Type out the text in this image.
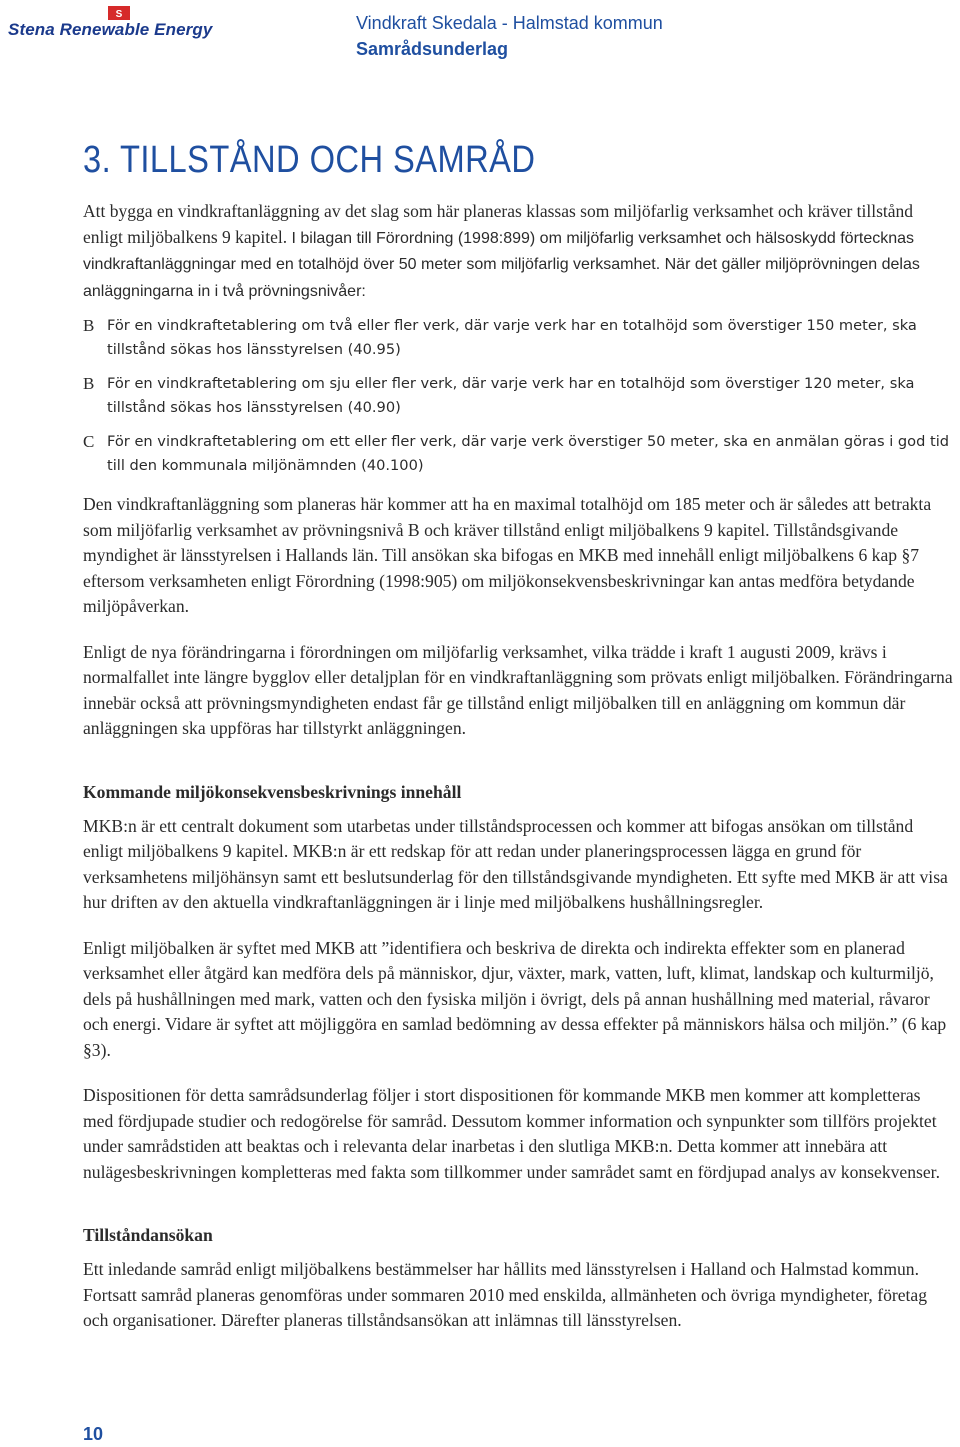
S
Stena Renewable Energy	Vindkraft Skedala - Halmstad kommun
Samrådsunderlag
3. TILLSTÅND OCH SAMRÅD

Att bygga en vindkraftanläggning av det slag som här planeras klassas som miljöfarlig verksamhet och kräver tillstånd enligt miljöbalkens 9 kapitel. I bilagan till Förordning (1998:899) om miljöfarlig verksamhet och hälsoskydd förtecknas vindkraftanläggningar med en totalhöjd över 50 meter som miljöfarlig verksamhet. När det gäller miljöprövningen delas anläggningarna in i två prövningsnivåer:

B För en vindkraftetablering om två eller fler verk, där varje verk har en totalhöjd som överstiger 150 meter, ska tillstånd sökas hos länsstyrelsen (40.95)
B För en vindkraftetablering om sju eller fler verk, där varje verk har en totalhöjd som överstiger 120 meter, ska tillstånd sökas hos länsstyrelsen (40.90)
C För en vindkraftetablering om ett eller fler verk, där varje verk överstiger 50 meter, ska en anmälan göras i god tid till den kommunala miljönämnden (40.100)

Den vindkraftanläggning som planeras här kommer att ha en maximal totalhöjd om 185 meter och är således att betrakta som miljöfarlig verksamhet av prövningsnivå B och kräver tillstånd enligt miljöbalkens 9 kapitel. Tillståndsgivande myndighet är länsstyrelsen i Hallands län. Till ansökan ska bifogas en MKB med innehåll enligt miljöbalkens 6 kap §7 eftersom verksamheten enligt Förordning (1998:905) om miljökonsekvensbeskrivningar kan antas medföra betydande miljöpåverkan.

Enligt de nya förändringarna i förordningen om miljöfarlig verksamhet, vilka trädde i kraft 1 augusti 2009, krävs i normalfallet inte längre bygglov eller detaljplan för en vindkraftanläggning som prövats enligt miljöbalken. Förändringarna innebär också att prövningsmyndigheten endast får ge tillstånd enligt miljöbalken till en anläggning om kommun där anläggningen ska uppföras har tillstyrkt anläggningen.

Kommande miljökonsekvensbeskrivnings innehåll

MKB:n är ett centralt dokument som utarbetas under tillståndsprocessen och kommer att bifogas ansökan om tillstånd enligt miljöbalkens 9 kapitel. MKB:n är ett redskap för att redan under planeringsprocessen lägga en grund för verksamhetens miljöhänsyn samt ett beslutsunderlag för den tillståndsgivande myndigheten. Ett syfte med MKB är att visa hur driften av den aktuella vindkraftanläggningen är i linje med miljöbalkens hushållningsregler.

Enligt miljöbalken är syftet med MKB att ”identifiera och beskriva de direkta och indirekta effekter som en planerad verksamhet eller åtgärd kan medföra dels på människor, djur, växter, mark, vatten, luft, klimat, landskap och kulturmiljö, dels på hushållningen med mark, vatten och den fysiska miljön i övrigt, dels på annan hushållning med material, råvaror och energi. Vidare är syftet att möjliggöra en samlad bedömning av dessa effekter på människors hälsa och miljön.” (6 kap §3).

Dispositionen för detta samrådsunderlag följer i stort dispositionen för kommande MKB men kommer att kompletteras med fördjupade studier och redogörelse för samråd. Dessutom kommer information och synpunkter som tillförs projektet under samrådstiden att beaktas och i relevanta delar inarbetas i den slutliga MKB:n. Detta kommer att innebära att nulägesbeskrivningen kompletteras med fakta som tillkommer under samrådet samt en fördjupad analys av konsekvenser.

Tillståndansökan

Ett inledande samråd enligt miljöbalkens bestämmelser har hållits med länsstyrelsen i Halland och Halmstad kommun. Fortsatt samråd planeras genomföras under sommaren 2010 med enskilda, allmänheten och övriga myndigheter, företag och organisationer. Därefter planeras tillståndsansökan att inlämnas till länsstyrelsen.

10
